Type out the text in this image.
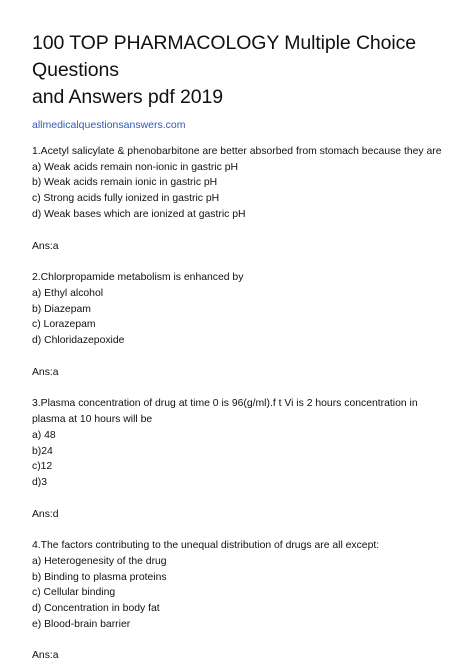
100 TOP PHARMACOLOGY Multiple Choice Questions
and Answers pdf 2019
allmedicalquestionsanswers.com

1.Acetyl salicylate & phenobarbitone are better absorbed from stomach because they are

a) Weak acids remain non-ionic in gastric pH

b) Weak acids remain ionic in gastric pH

c) Strong acids fully ionized in gastric pH

d) Weak bases which are ionized at gastric pH

Ans:a

2.Chlorpropamide metabolism is enhanced by

a) Ethyl alcohol

b) Diazepam

c) Lorazepam

d) Chloridazepoxide

Ans:a

3.Plasma concentration of drug at time 0 is 96(g/ml).f t Vi is 2 hours concentration in

plasma at 10 hours will be

a) 48

b)24

c)12

d)3

Ans:d

4.The factors contributing to the unequal distribution of drugs are all except:

a) Heterogenesity of the drug

b) Binding to plasma proteins

c) Cellular binding

d) Concentration in body fat

e) Blood-brain barrier

Ans:a
